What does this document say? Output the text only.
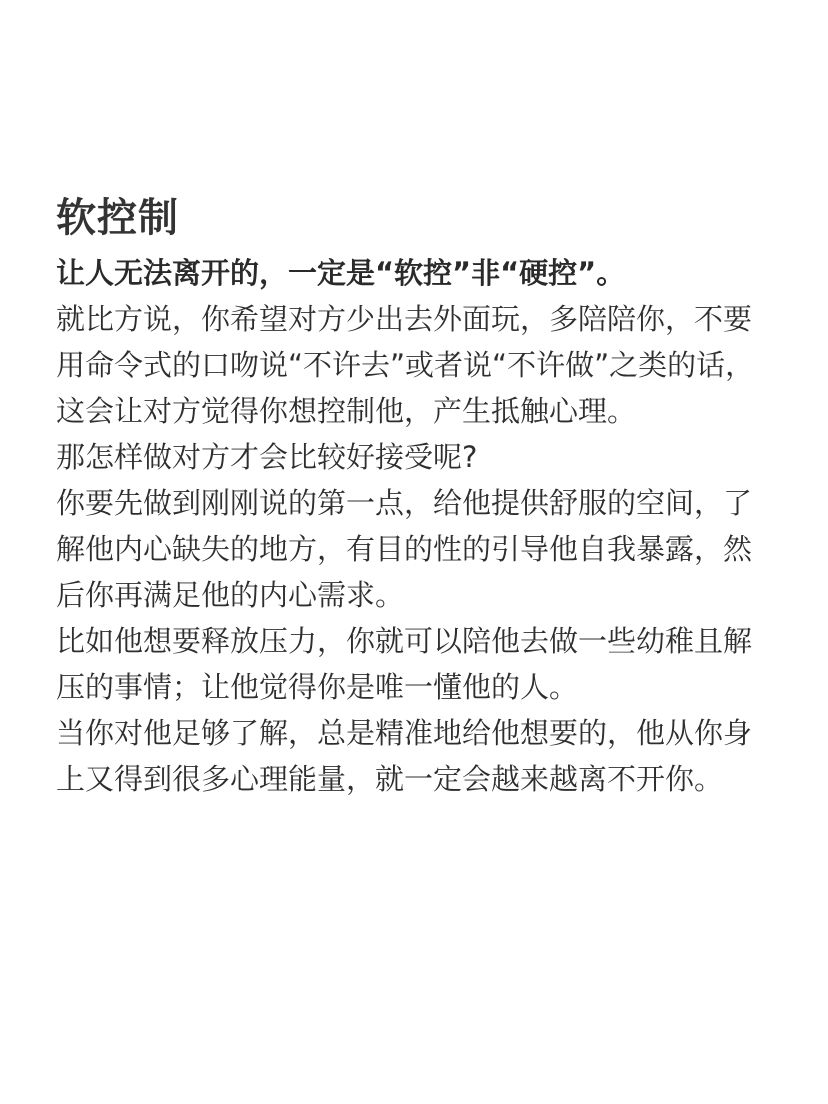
软控制

让人无法离开的，一定是“软控”非“硬控”。

就比方说，你希望对方少出去外面玩，多陪陪你，不要用命令式的口吻说“不许去”或者说“不许做”之类的话，这会让对方觉得你想控制他，产生抵触心理。

那怎样做对方才会比较好接受呢?

你要先做到刚刚说的第一点，给他提供舒服的空间，了解他内心缺失的地方，有目的性的引导他自我暴露，然后你再满足他的内心需求。

比如他想要释放压力，你就可以陪他去做一些幼稚且解压的事情；让他觉得你是唯一懂他的人。

当你对他足够了解，总是精准地给他想要的，他从你身上又得到很多心理能量，就一定会越来越离不开你。
